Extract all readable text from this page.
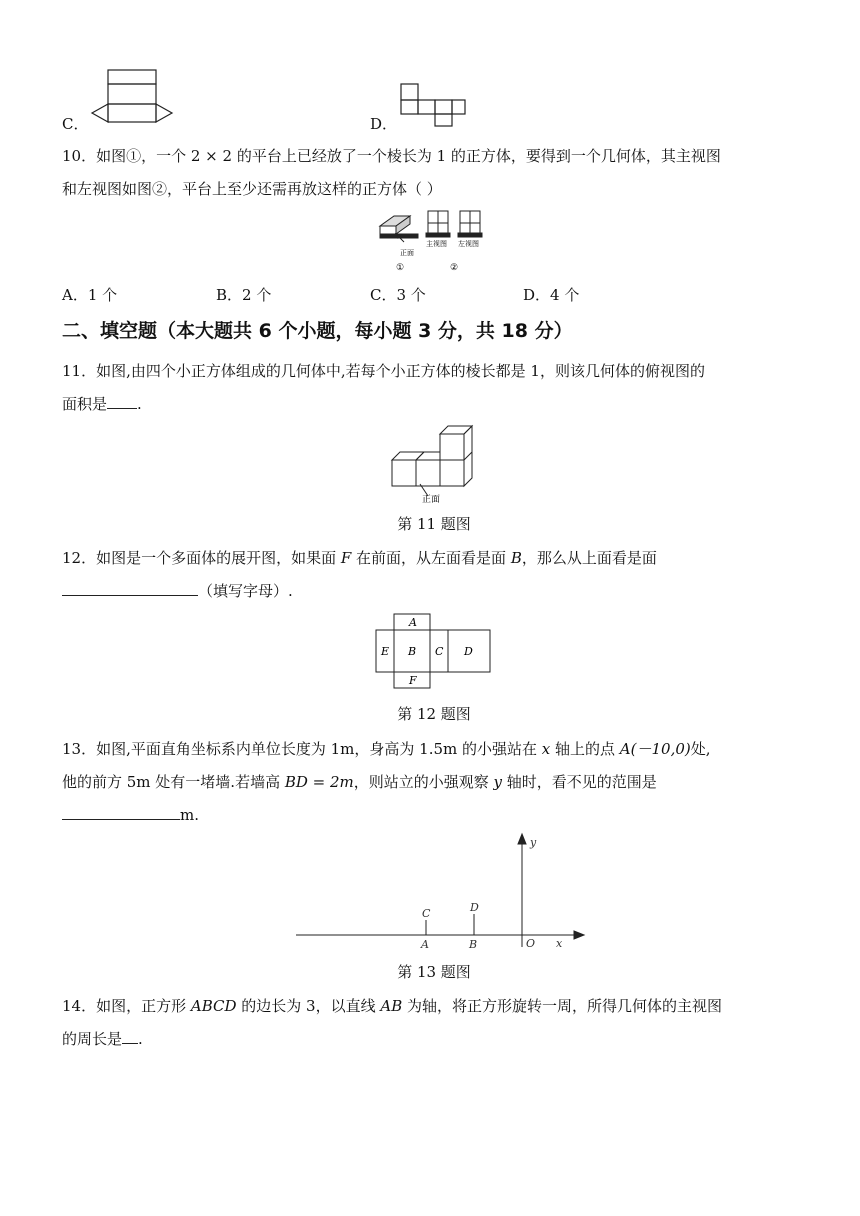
C．	D．
10．如图①，一个 2 × 2 的平台上已经放了一个棱长为 1 的正方体，要得到一个几何体，其主视图
和左视图如图②，平台上至少还需再放这样的正方体（ ）
正面
①
主视图 左视图
②
A．1 个	B．2 个	C．3 个	D．4 个
二、填空题（本大题共 6 个小题，每小题 3 分，共 18 分）
11．如图,由四个小正方体组成的几何体中,若每个小正方体的棱长都是 1，则该几何体的俯视图的
面积是 .
正面
第 11 题图
12．如图是一个多面体的展开图，如果面 F 在前面，从左面看是面 B，那么从上面看是面
（填写字母）.
A
E B C D
F
第 12 题图
13．如图,平面直角坐标系内单位长度为 1m，身高为 1.5m 的小强站在 x 轴上的点 A(－10,0)处,
他的前方 5m 处有一堵墙.若墙高 BD = 2m，则站立的小强观察 y 轴时，看不见的范围是
m.
y
x
O
A	B
C	D
第 13 题图
14．如图，正方形 ABCD 的边长为 3，以直线 AB 为轴，将正方形旋转一周，所得几何体的主视图
的周长是 .
